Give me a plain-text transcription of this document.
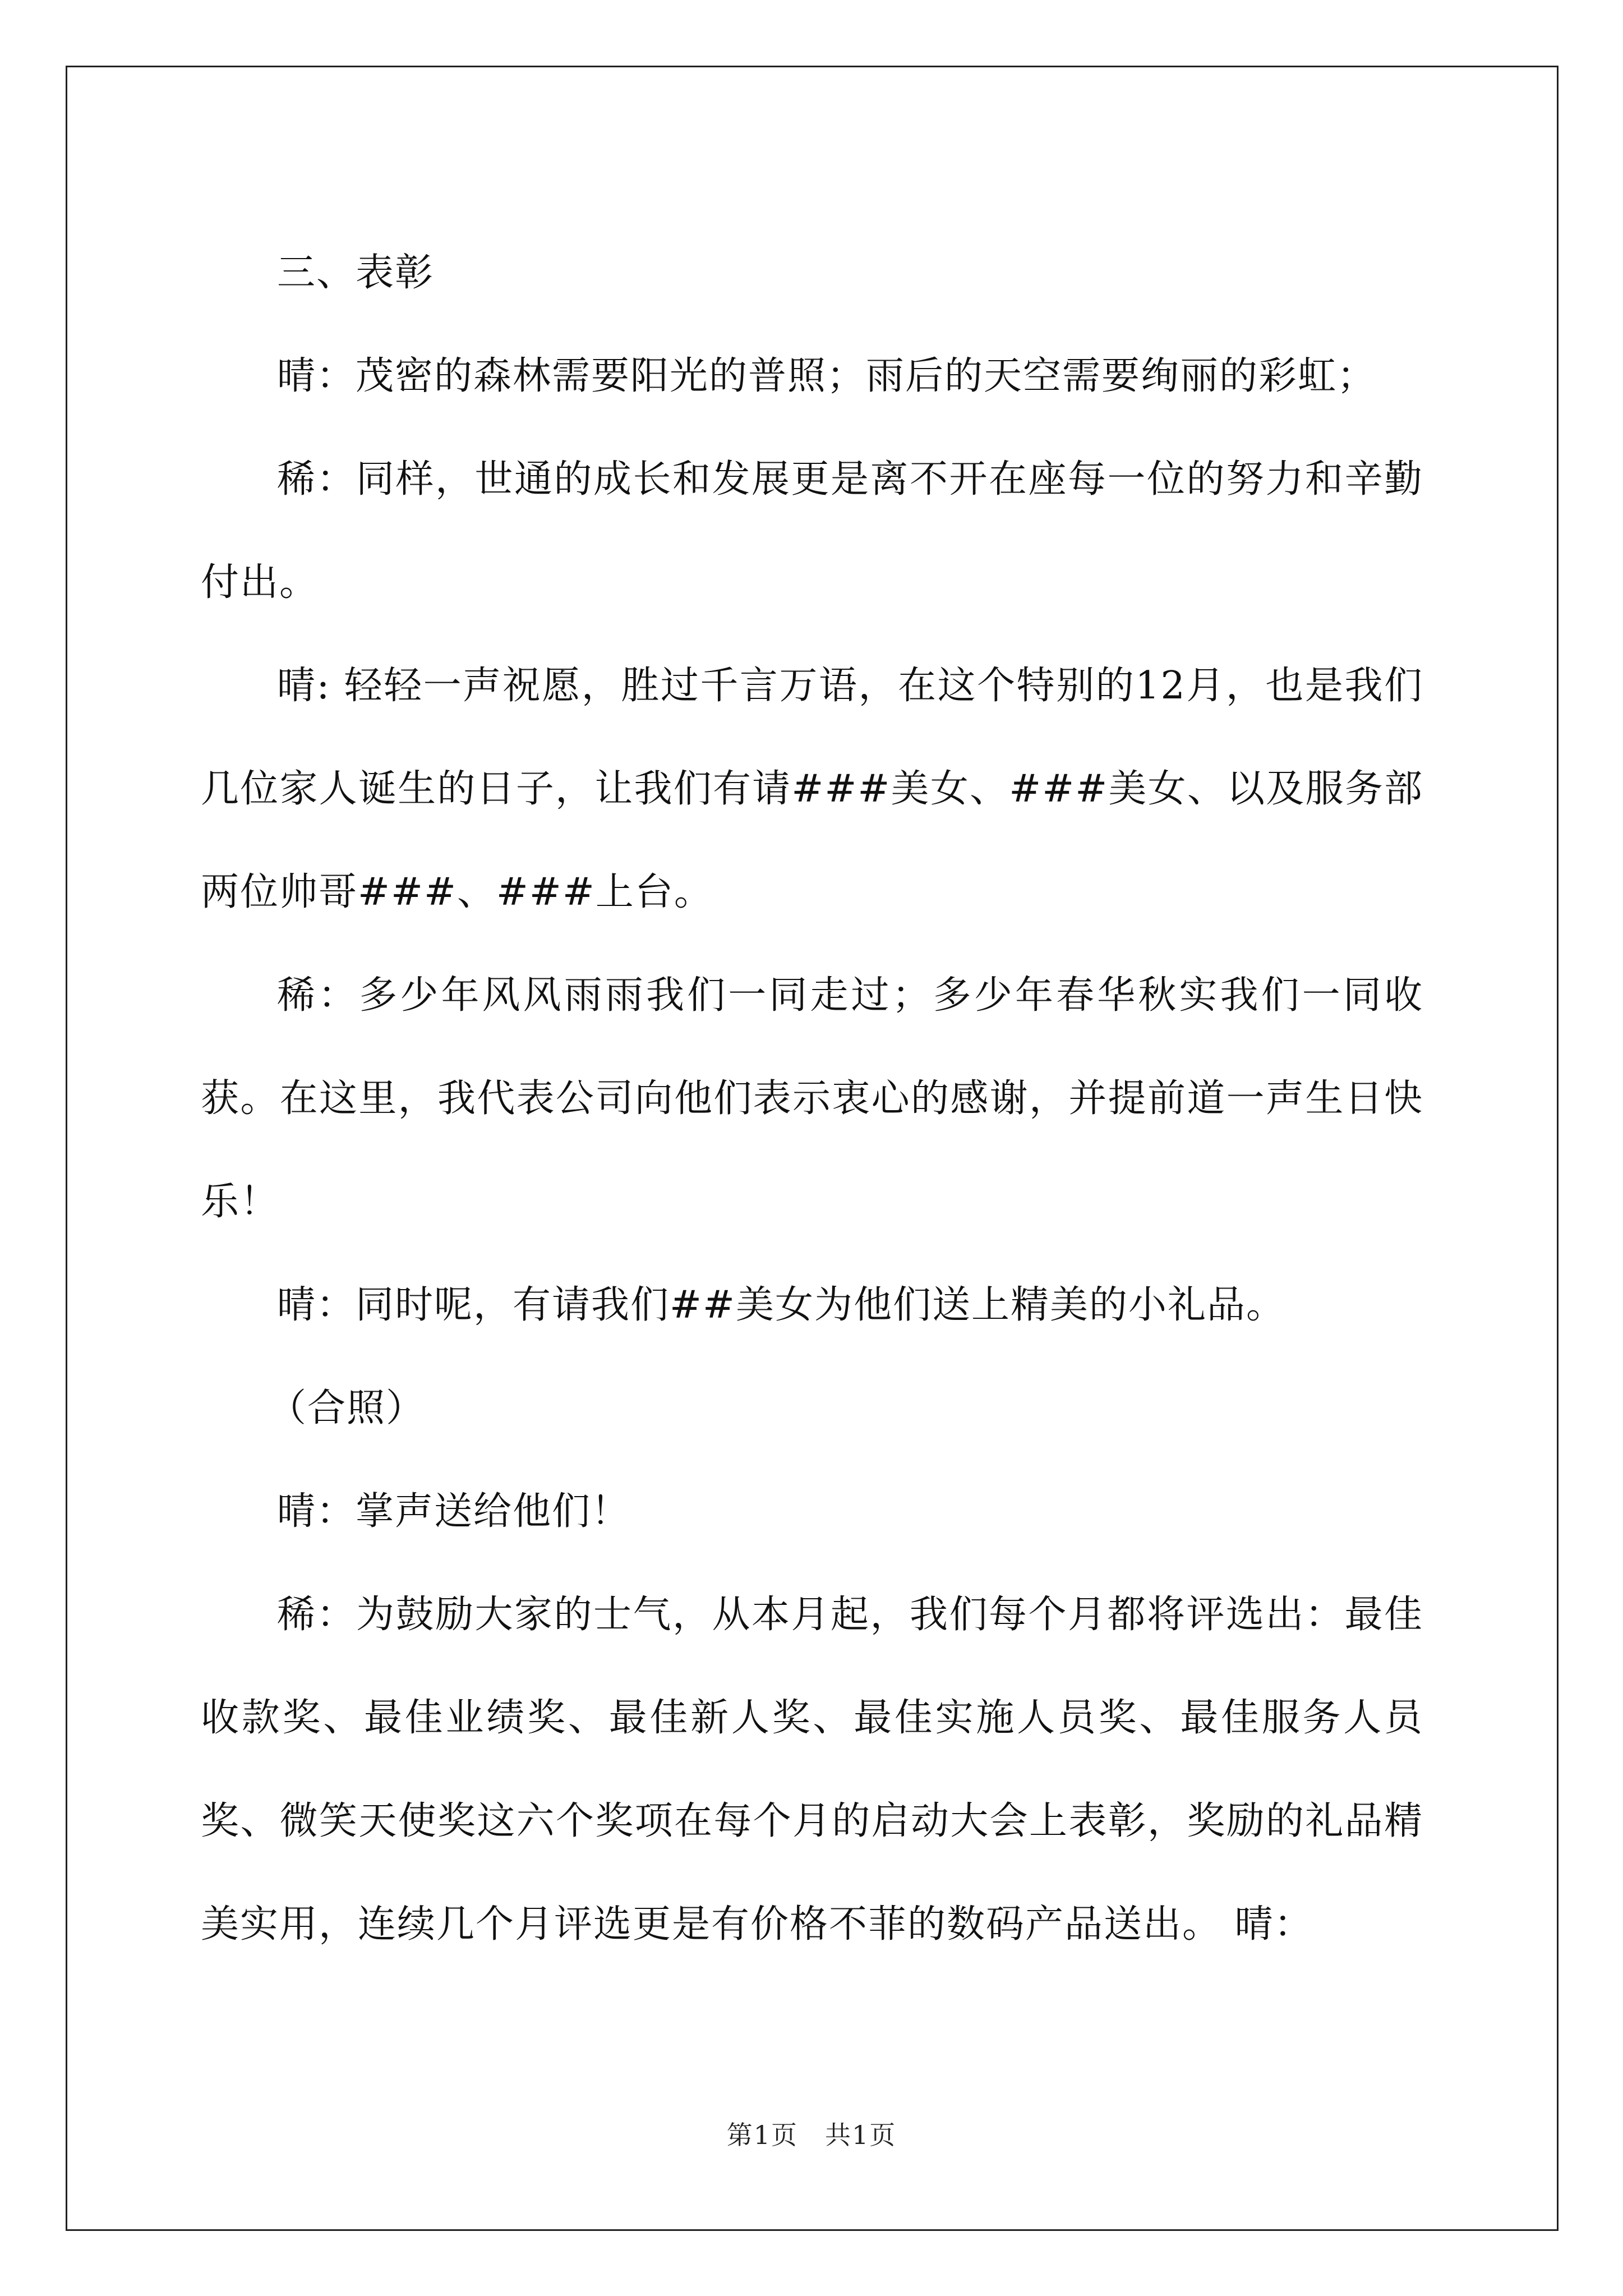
三、表彰

晴：茂密的森林需要阳光的普照；雨后的天空需要绚丽的彩虹；

稀：同样，世通的成长和发展更是离不开在座每一位的努力和辛勤付出。

晴: 轻轻一声祝愿，胜过千言万语，在这个特别的12月，也是我们几位家人诞生的日子，让我们有请###美女、###美女、以及服务部两位帅哥###、###上台。

稀：多少年风风雨雨我们一同走过；多少年春华秋实我们一同收获。在这里，我代表公司向他们表示衷心的感谢，并提前道一声生日快乐！

晴：同时呢，有请我们##美女为他们送上精美的小礼品。

（合照）

晴：掌声送给他们！

稀：为鼓励大家的士气，从本月起，我们每个月都将评选出：最佳收款奖、最佳业绩奖、最佳新人奖、最佳实施人员奖、最佳服务人员奖、微笑天使奖这六个奖项在每个月的启动大会上表彰，奖励的礼品精美实用，连续几个月评选更是有价格不菲的数码产品送出。 晴：

第1页　共1页
